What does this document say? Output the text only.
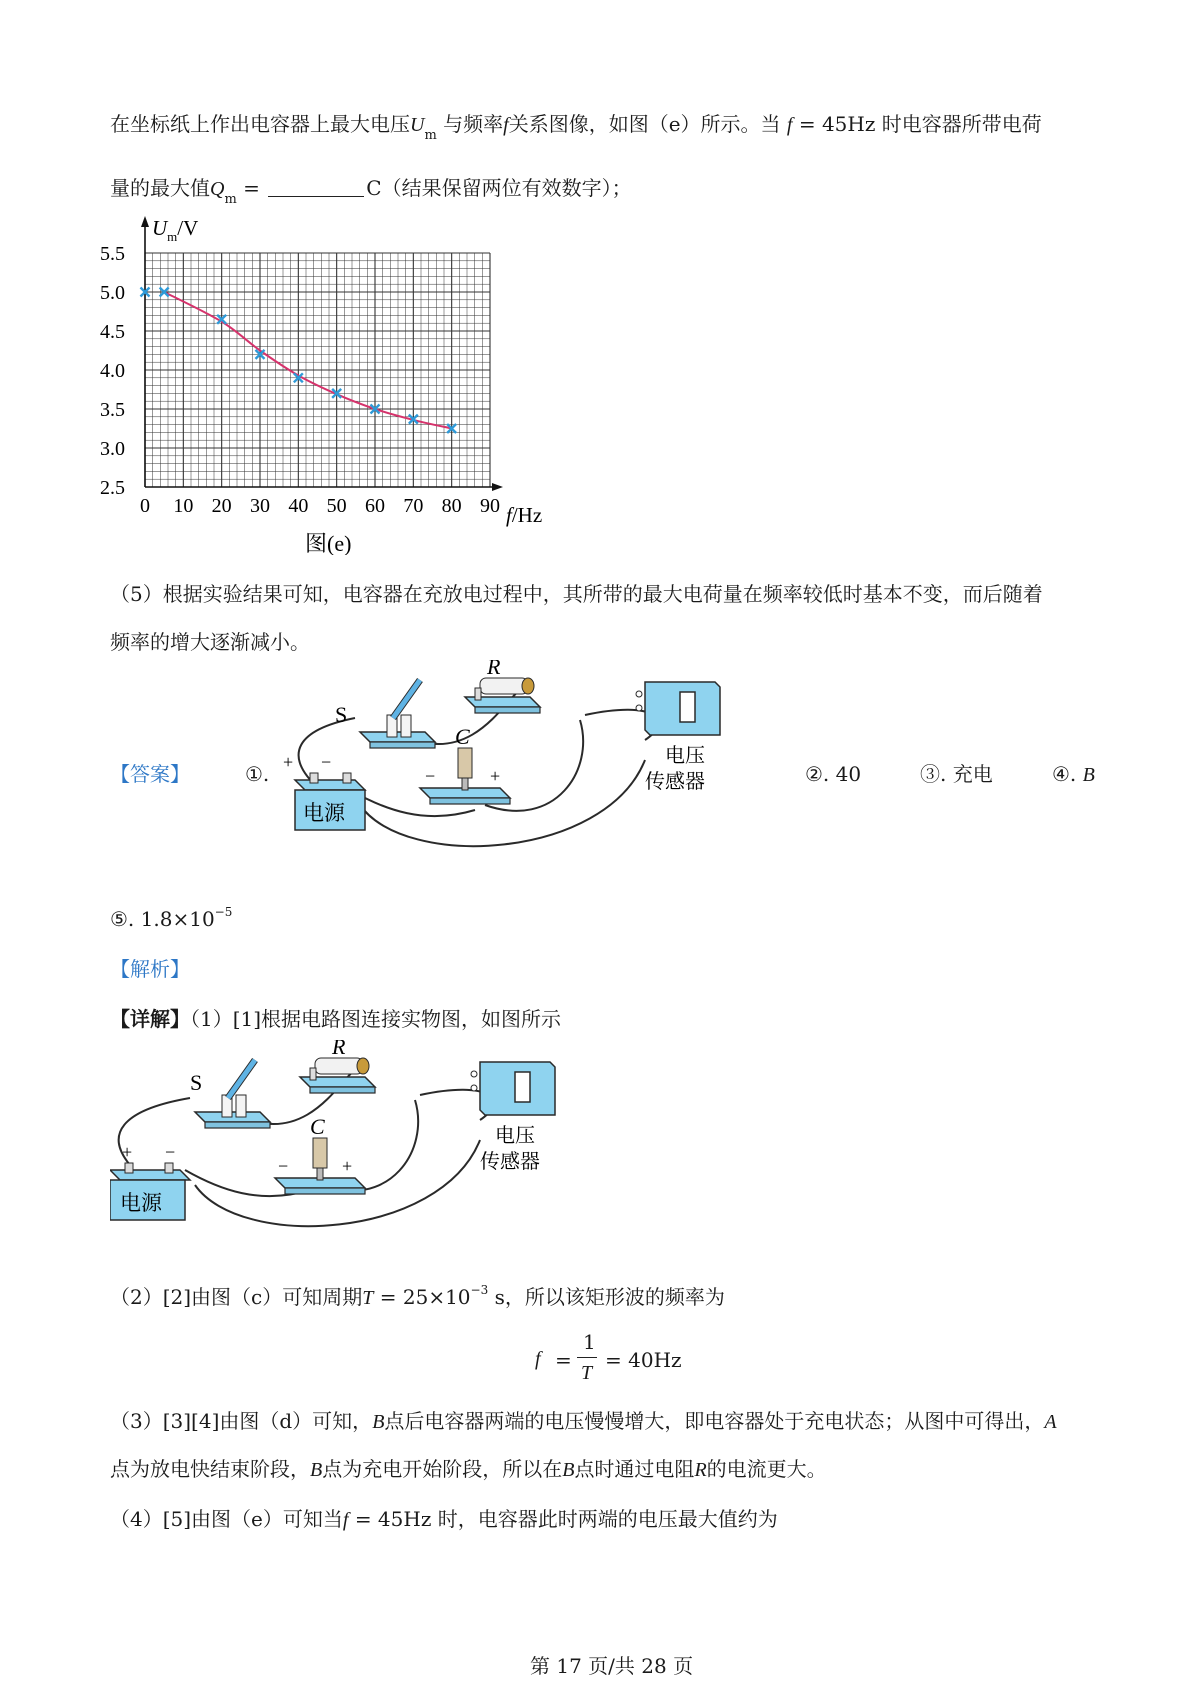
在坐标纸上作出电容器上最大电压$U_m$ 与频率f关系图像，如图（e）所示。当 f = 45Hz 时电容器所带电荷
量的最大值$Q_m$ =	C（结果保留两位有效数字）；
0 10 20 30 40 50 60 70 80 90
2.5
3.0
3.5
4.0
4.5
5.0
5.5
$U_m/V$
f/Hz
图(e)
（5）根据实验结果可知，电容器在充放电过程中，其所带的最大电荷量在频率较低时基本不变，而后随着
频率的增大逐渐减小。
【答案】	①.	②. 40	③. 充电	④. B
S
R
C
−	+
+ −
电源
电压
传感器
⑤. $1.8\times 10^{-5}$
【解析】
【详解】（1）[1]根据电路图连接实物图，如图所示
S
R
C
−	+
+ −
电源
电压
传感器
（2）[2]由图（c）可知周期$T = 25\times 10^{-3}$ s，所以该矩形波的频率为
f =
1
T
= 40Hz
（3）[3][4]由图（d）可知，B点后电容器两端的电压慢慢增大，即电容器处于充电状态；从图中可得出，A
点为放电快结束阶段，B点为充电开始阶段，所以在B点时通过电阻R的电流更大。
（4）[5]由图（e）可知当f = 45Hz 时，电容器此时两端的电压最大值约为
第 17 页/共 28 页
